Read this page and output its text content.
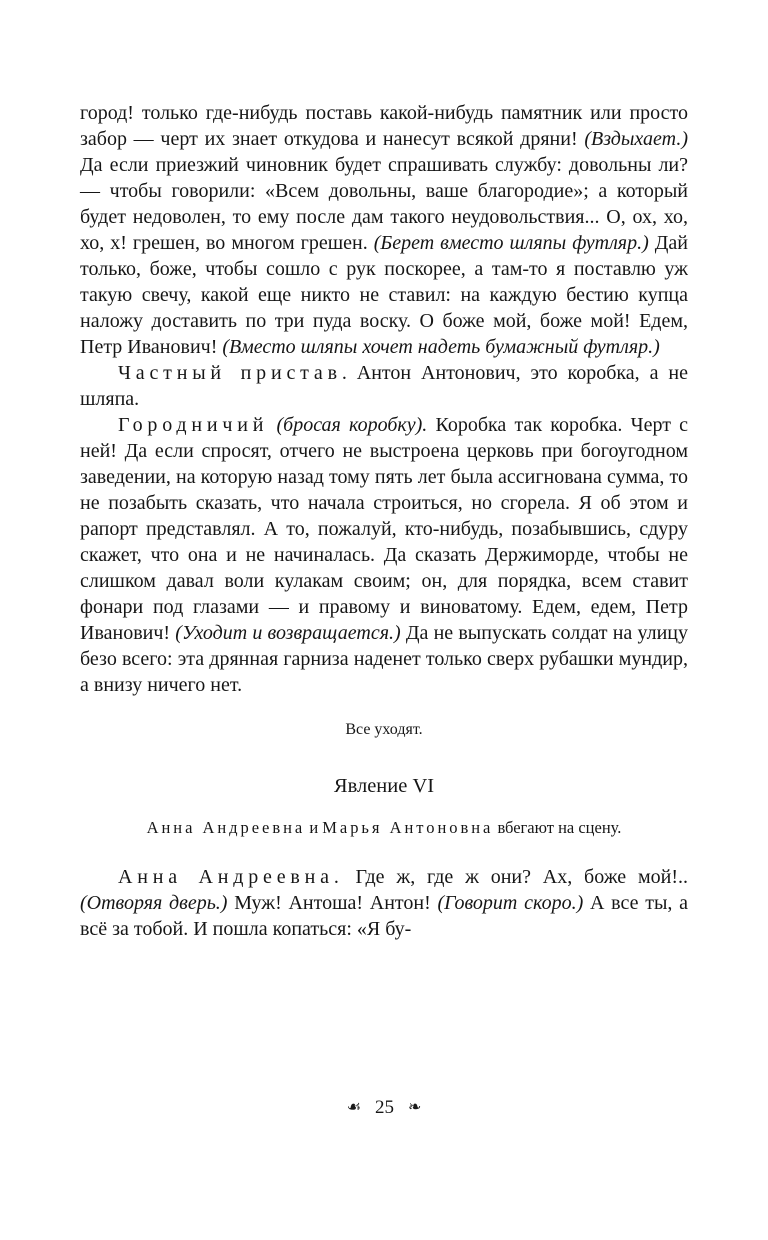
город! только где-нибудь поставь какой-нибудь памятник или просто забор — черт их знает откудова и нанесут всякой дряни! (Вздыхает.) Да если приезжий чиновник будет спрашивать службу: довольны ли? — чтобы говорили: «Всем довольны, ваше благородие»; а который будет недоволен, то ему после дам такого неудовольствия... О, ох, хо, хо, х! грешен, во многом грешен. (Берет вместо шляпы футляр.) Дай только, боже, чтобы сошло с рук поскорее, а там-то я поставлю уж такую свечу, какой еще никто не ставил: на каждую бестию купца наложу доставить по три пуда воску. О боже мой, боже мой! Едем, Петр Иванович! (Вместо шляпы хочет надеть бумажный футляр.)

Частный пристав. Антон Антонович, это коробка, а не шляпа.

Городничий (бросая коробку). Коробка так коробка. Черт с ней! Да если спросят, отчего не выстроена церковь при богоугодном заведении, на которую назад тому пять лет была ассигнована сумма, то не позабыть сказать, что начала строиться, но сгорела. Я об этом и рапорт представлял. А то, пожалуй, кто-нибудь, позабывшись, сдуру скажет, что она и не начиналась. Да сказать Держиморде, чтобы не слишком давал воли кулакам своим; он, для порядка, всем ставит фонари под глазами — и правому и виноватому. Едем, едем, Петр Иванович! (Уходит и возвращается.) Да не выпускать солдат на улицу безо всего: эта дрянная гарниза наденет только сверх рубашки мундир, а внизу ничего нет.

Все уходят.

Явление VI

Анна Андреевна и Марья Антоновна вбегают на сцену.

Анна Андреевна. Где ж, где ж они? Ах, боже мой!.. (Отворяя дверь.) Муж! Антоша! Антон! (Говорит скоро.) А все ты, а всё за тобой. И пошла копаться: «Я бу-

☙ 25 ❧
